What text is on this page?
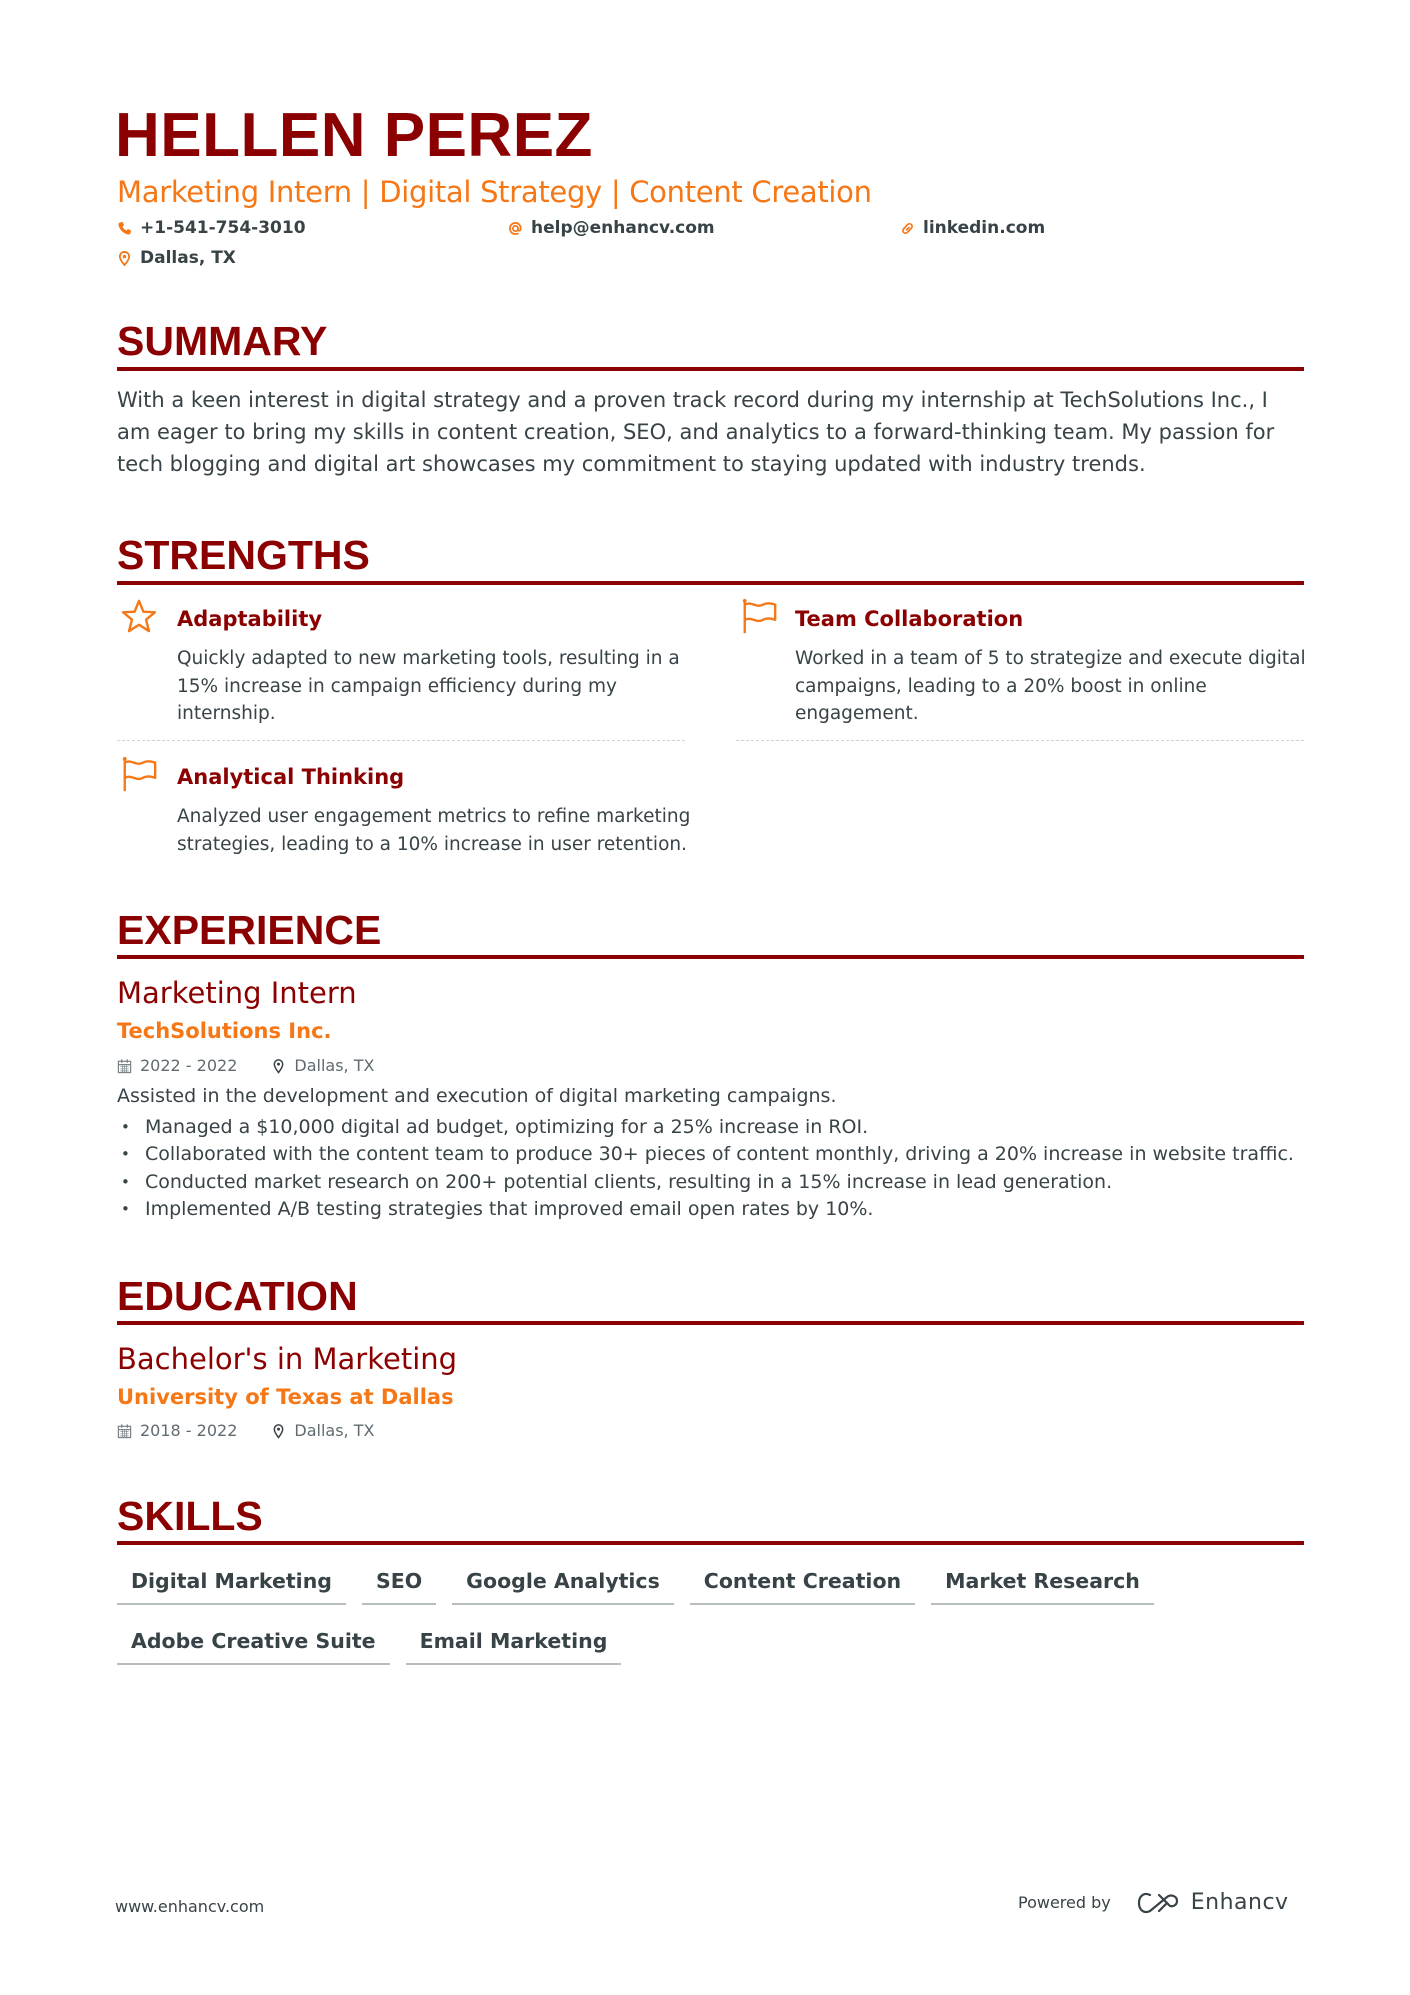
HELLEN PEREZ
Marketing Intern | Digital Strategy | Content Creation
+1-541-754-3010	help@enhancv.com	linkedin.com
Dallas, TX
SUMMARY
With a keen interest in digital strategy and a proven track record during my internship at TechSolutions Inc., I am eager to bring my skills in content creation, SEO, and analytics to a forward-thinking team. My passion for tech blogging and digital art showcases my commitment to staying updated with industry trends.
STRENGTHS
Adaptability
Quickly adapted to new marketing tools, resulting in a 15% increase in campaign efficiency during my internship.
Team Collaboration
Worked in a team of 5 to strategize and execute digital campaigns, leading to a 20% boost in online engagement.
Analytical Thinking
Analyzed user engagement metrics to refine marketing strategies, leading to a 10% increase in user retention.
EXPERIENCE
Marketing Intern
TechSolutions Inc.
2022 - 2022	Dallas, TX
Assisted in the development and execution of digital marketing campaigns.
• Managed a $10,000 digital ad budget, optimizing for a 25% increase in ROI.
• Collaborated with the content team to produce 30+ pieces of content monthly, driving a 20% increase in website traffic.
• Conducted market research on 200+ potential clients, resulting in a 15% increase in lead generation.
• Implemented A/B testing strategies that improved email open rates by 10%.
EDUCATION
Bachelor's in Marketing
University of Texas at Dallas
2018 - 2022	Dallas, TX
SKILLS
Digital Marketing	SEO	Google Analytics	Content Creation	Market Research
Adobe Creative Suite	Email Marketing
www.enhancv.com	Powered by	Enhancv
